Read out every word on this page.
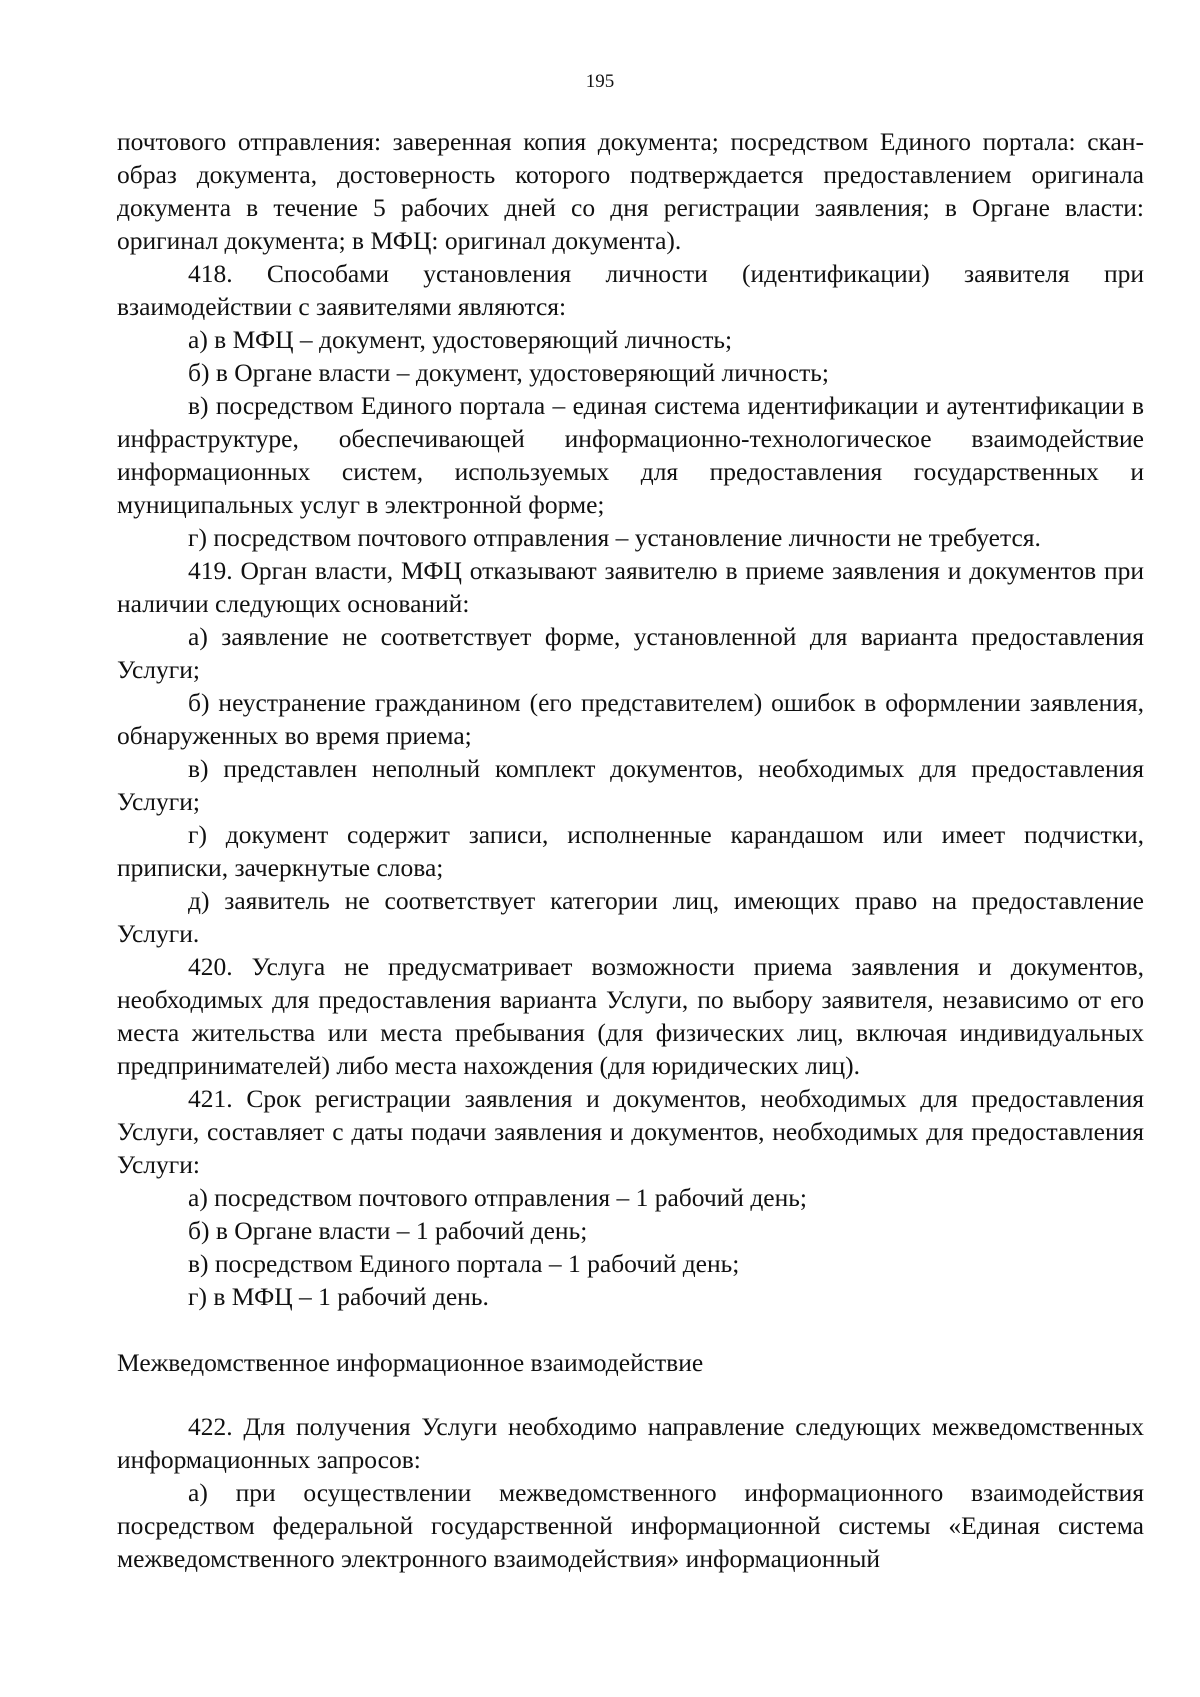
195

почтового отправления: заверенная копия документа; посредством Единого портала: скан-образ документа, достоверность которого подтверждается предоставлением оригинала документа в течение 5 рабочих дней со дня регистрации заявления; в Органе власти: оригинал документа; в МФЦ: оригинал документа).

418. Способами установления личности (идентификации) заявителя при взаимодействии с заявителями являются:

а) в МФЦ – документ, удостоверяющий личность;

б) в Органе власти – документ, удостоверяющий личность;

в) посредством Единого портала – единая система идентификации и аутентификации в инфраструктуре, обеспечивающей информационно-технологическое взаимодействие информационных систем, используемых для предоставления государственных и муниципальных услуг в электронной форме;

г) посредством почтового отправления – установление личности не требуется.

419. Орган власти, МФЦ отказывают заявителю в приеме заявления и документов при наличии следующих оснований:

а) заявление не соответствует форме, установленной для варианта предоставления Услуги;

б) неустранение гражданином (его представителем) ошибок в оформлении заявления, обнаруженных во время приема;

в) представлен неполный комплект документов, необходимых для предоставления Услуги;

г) документ содержит записи, исполненные карандашом или имеет подчистки, приписки, зачеркнутые слова;

д) заявитель не соответствует категории лиц, имеющих право на предоставление Услуги.

420. Услуга не предусматривает возможности приема заявления и документов, необходимых для предоставления варианта Услуги, по выбору заявителя, независимо от его места жительства или места пребывания (для физических лиц, включая индивидуальных предпринимателей) либо места нахождения (для юридических лиц).

421. Срок регистрации заявления и документов, необходимых для предоставления Услуги, составляет с даты подачи заявления и документов, необходимых для предоставления Услуги:

а) посредством почтового отправления – 1 рабочий день;

б) в Органе власти – 1 рабочий день;

в) посредством Единого портала – 1 рабочий день;

г) в МФЦ – 1 рабочий день.

Межведомственное информационное взаимодействие

422. Для получения Услуги необходимо направление следующих межведомственных информационных запросов:

а) при осуществлении межведомственного информационного взаимодействия посредством федеральной государственной информационной системы «Единая система межведомственного электронного взаимодействия» информационный
